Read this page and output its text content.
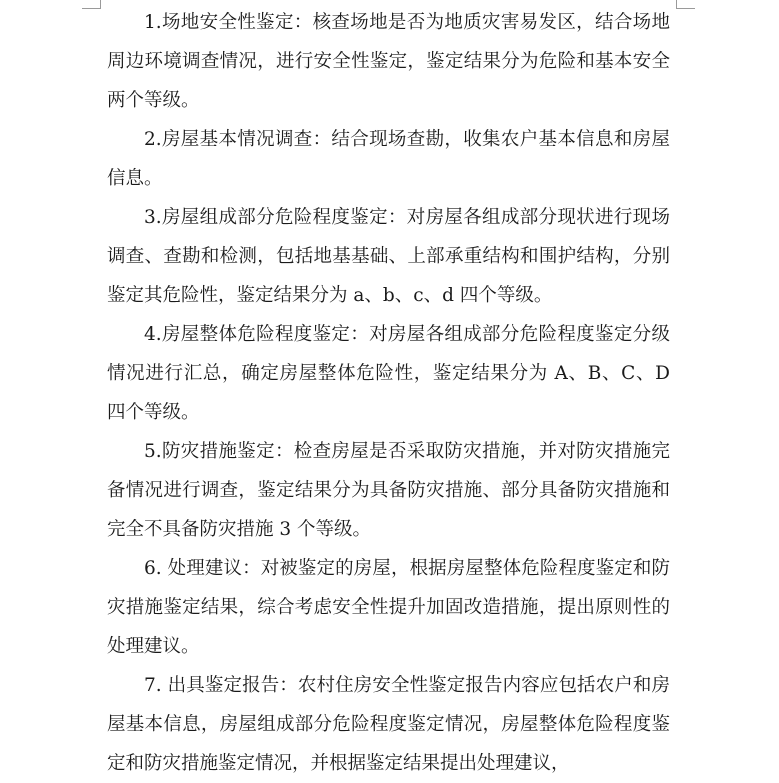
1.场地安全性鉴定：核查场地是否为地质灾害易发区，结合场地周边环境调查情况，进行安全性鉴定，鉴定结果分为危险和基本安全两个等级。

2.房屋基本情况调查：结合现场查勘，收集农户基本信息和房屋信息。

3.房屋组成部分危险程度鉴定：对房屋各组成部分现状进行现场调查、查勘和检测，包括地基基础、上部承重结构和围护结构，分别鉴定其危险性，鉴定结果分为 a、b、c、d 四个等级。

4.房屋整体危险程度鉴定：对房屋各组成部分危险程度鉴定分级情况进行汇总，确定房屋整体危险性，鉴定结果分为 A、B、C、D 四个等级。

5.防灾措施鉴定：检查房屋是否采取防灾措施，并对防灾措施完备情况进行调查，鉴定结果分为具备防灾措施、部分具备防灾措施和完全不具备防灾措施 3 个等级。

6. 处理建议：对被鉴定的房屋，根据房屋整体危险程度鉴定和防灾措施鉴定结果，综合考虑安全性提升加固改造措施，提出原则性的处理建议。

7. 出具鉴定报告：农村住房安全性鉴定报告内容应包括农户和房屋基本信息，房屋组成部分危险程度鉴定情况，房屋整体危险程度鉴定和防灾措施鉴定情况，并根据鉴定结果提出处理建议，
